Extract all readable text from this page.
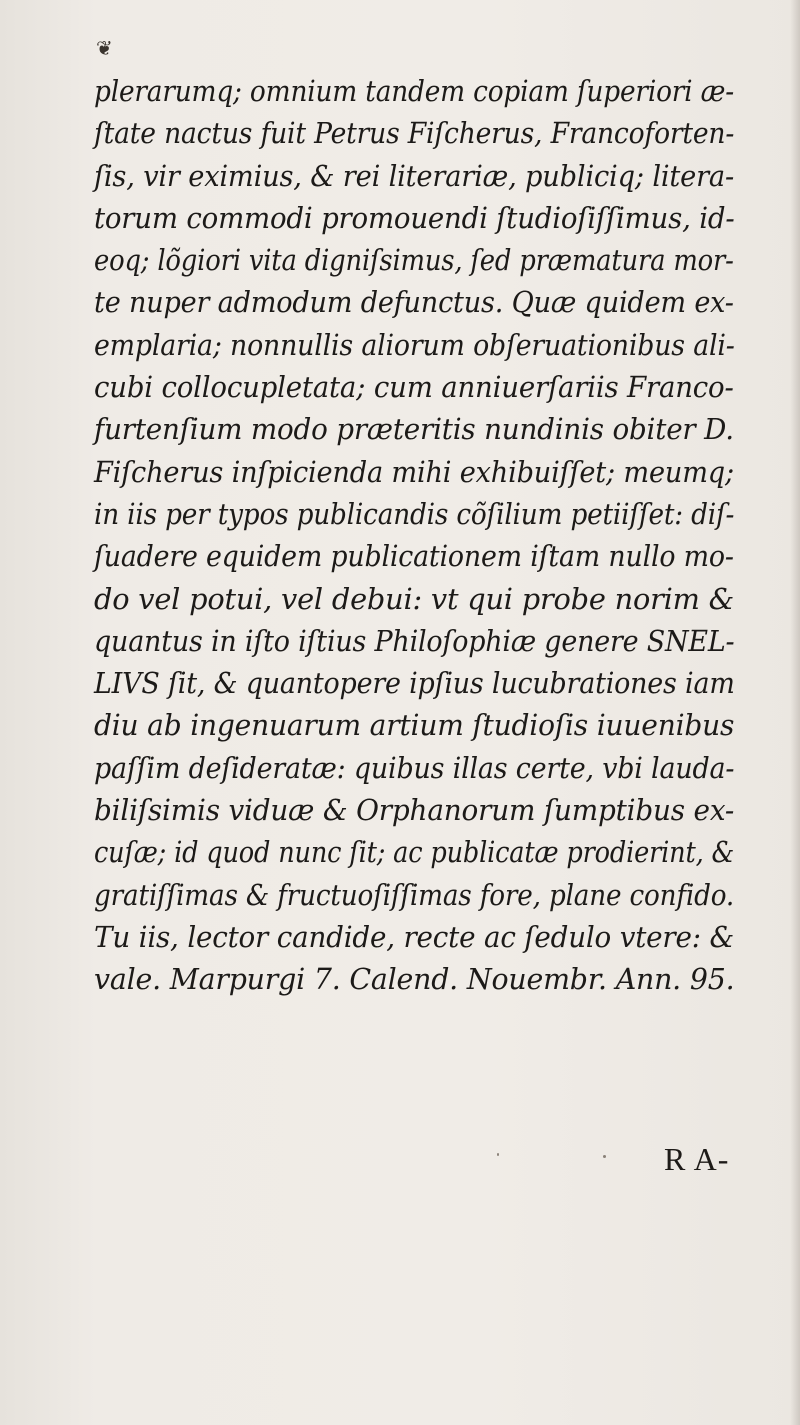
❦
plerarumq; omnium tandem copiam ſuperiori æ-
ſtate nactus fuit Petrus Fiſcherus, Francoforten-
ſis, vir eximius, & rei literariæ, publiciq; litera-
torum commodi promouendi ſtudioſiſſimus, id-
eoq; lõgiori vita digniſsimus, ſed præmatura mor-
te nuper admodum defunctus. Quæ quidem ex-
emplaria; nonnullis aliorum obſeruationibus ali-
cubi collocupletata; cum anniuerſariis Franco-
furtenſium modo præteritis nundinis obiter D.
Fiſcherus inſpicienda mihi exhibuiſſet; meumq;
in iis per typos publicandis cõſilium petiiſſet: diſ-
ſuadere equidem publicationem iſtam nullo mo-
do vel potui, vel debui: vt qui probe norim &
quantus in iſto iſtius Philoſophiæ genere SNEL-
LIVS ſit, & quantopere ipſius lucubrationes iam
diu ab ingenuarum artium ſtudioſis iuuenibus
paſſim deſideratæ: quibus illas certe, vbi lauda-
biliſsimis viduæ & Orphanorum ſumptibus ex-
cuſæ; id quod nunc ſit; ac publicatæ prodierint, &
gratiſſimas & fructuoſiſſimas fore, plane confido.
Tu iis, lector candide, recte ac ſedulo vtere: &
vale. Marpurgi 7. Calend. Nouembr. Ann. 95.
R A-
